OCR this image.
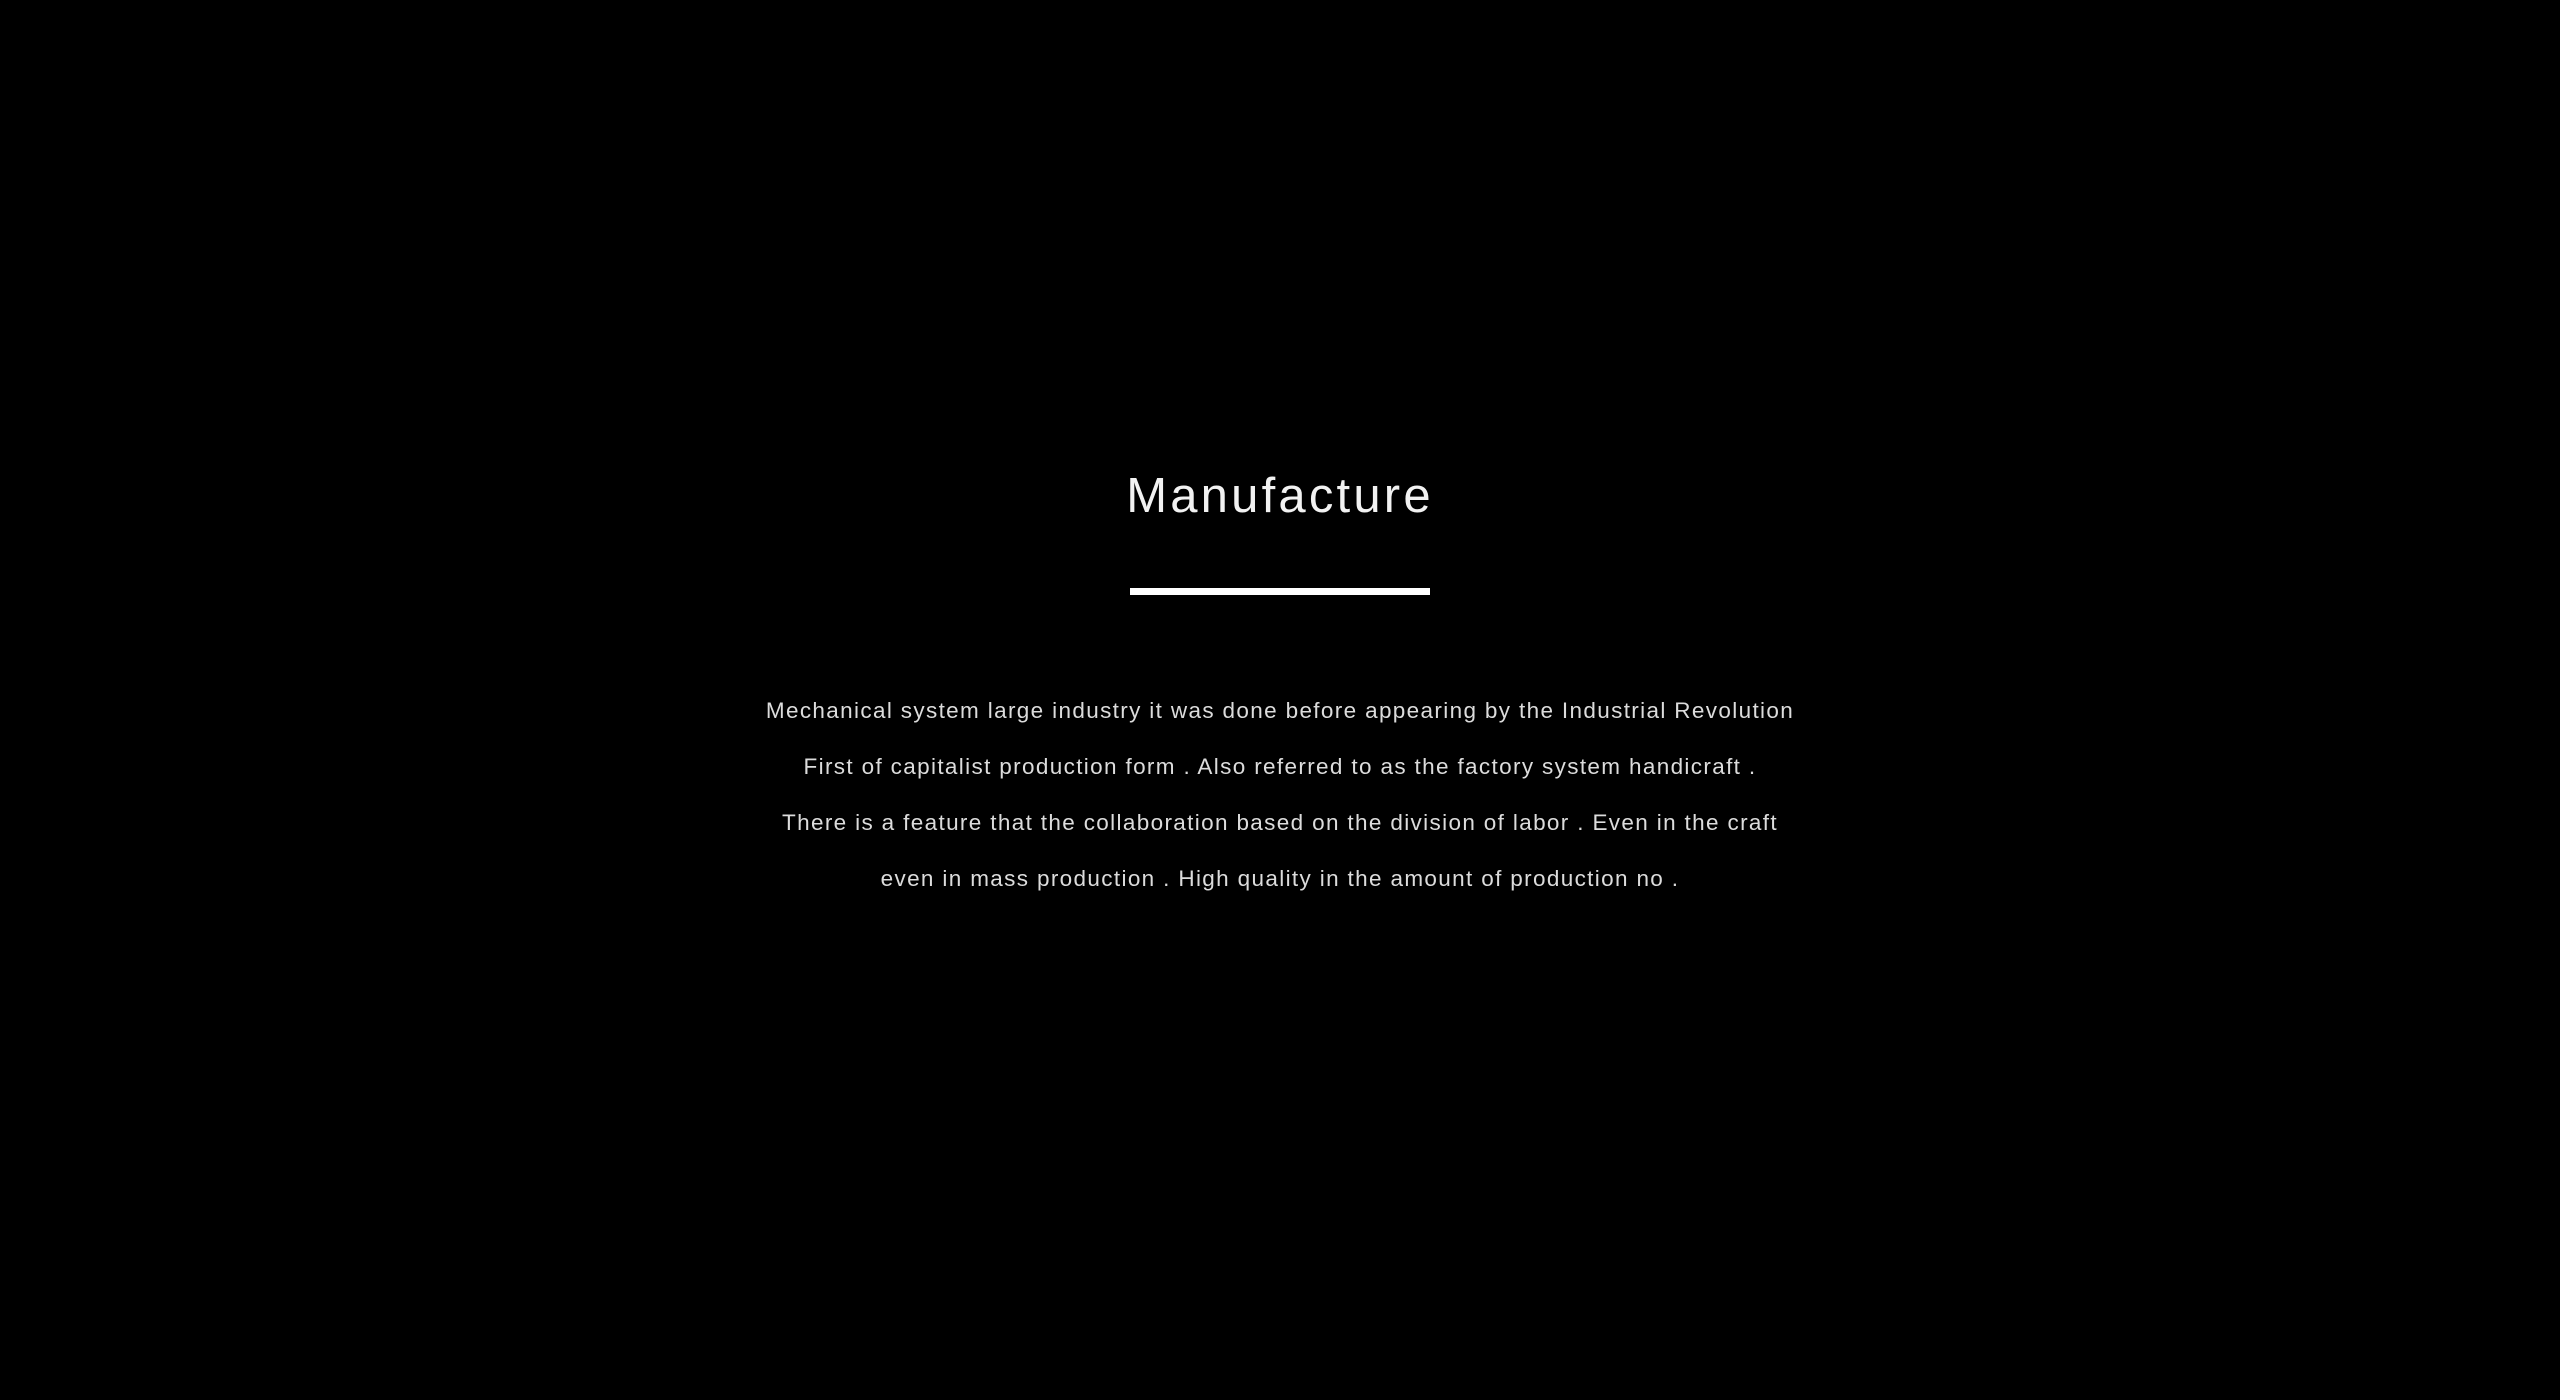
Manufacture
Mechanical system large industry it was done before appearing by the Industrial Revolution
First of capitalist production form . Also referred to as the factory system handicraft .
There is a feature that the collaboration based on the division of labor . Even in the craft
even in mass production . High quality in the amount of production no .
